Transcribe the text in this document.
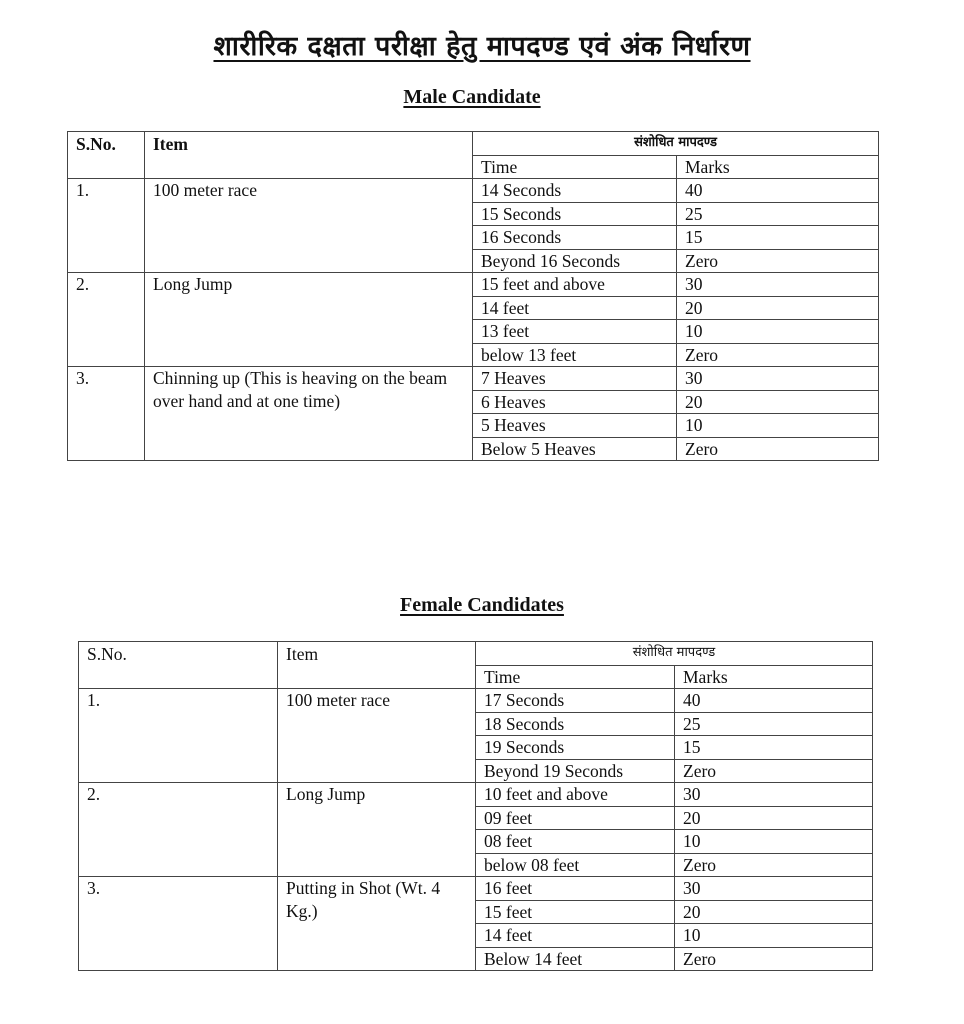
शारीरिक दक्षता परीक्षा हेतु मापदण्ड एवं अंक निर्धारण
Male Candidate
S.No.	Item	संशोधित मापदण्ड	
		Time	Marks
1.	100 meter race	14 Seconds	40
		15 Seconds	25
		16 Seconds	15
		Beyond 16 Seconds	Zero
2.	Long Jump	15 feet and above	30
		14 feet	20
		13 feet	10
		below 13 feet	Zero
3.	Chinning up (This is heaving on the beam over hand and at one time)	7 Heaves	30
		6 Heaves	20
		5 Heaves	10
		Below 5 Heaves	Zero
Female Candidates
S.No.	Item	संशोधित मापदण्ड	
		Time	Marks
1.	100 meter race	17 Seconds	40
		18 Seconds	25
		19 Seconds	15
		Beyond 19 Seconds	Zero
2.	Long Jump	10 feet and above	30
		09 feet	20
		08 feet	10
		below 08 feet	Zero
3.	Putting in Shot (Wt. 4 Kg.)	16 feet	30
		15 feet	20
		14 feet	10
		Below 14 feet	Zero
